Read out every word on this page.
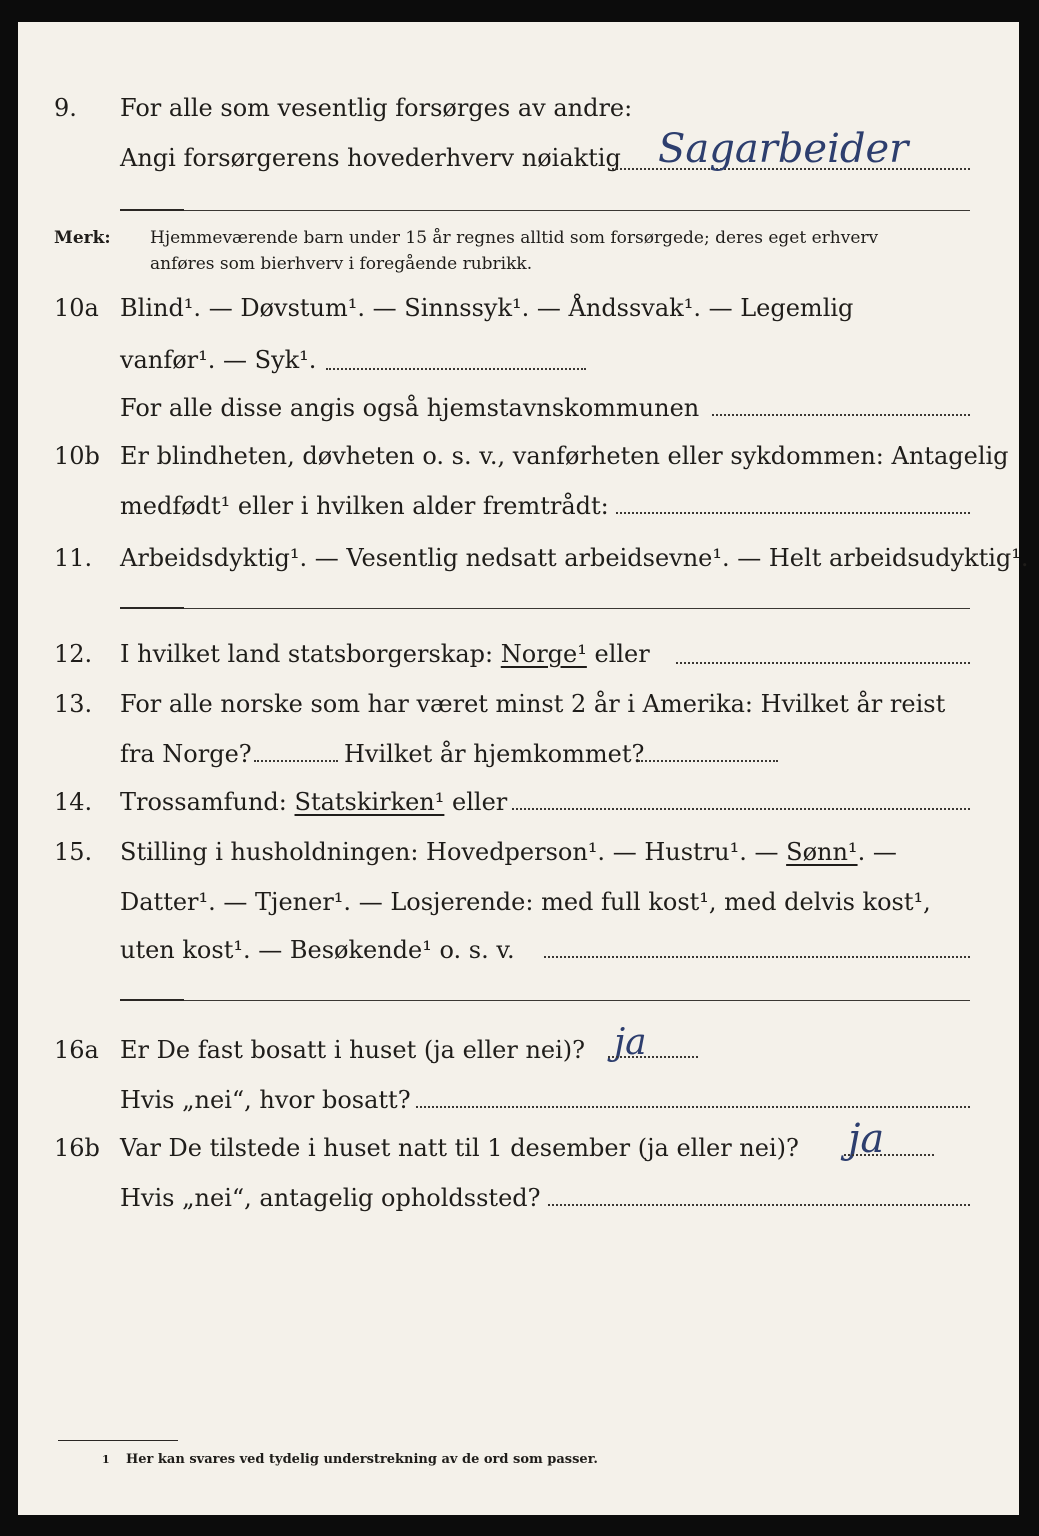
9.	For alle som vesentlig forsørges av andre:
Angi forsørgerens hovederhverv nøiaktig Sagarbeider
Merk:	Hjemmeværende barn under 15 år regnes alltid som forsørgede; deres eget erhverv
anføres som bierhverv i foregående rubrikk.
10a Blind¹. — Døvstum¹. — Sinnssyk¹. — Åndssvak¹. — Legemlig
vanfør¹. — Syk¹.
For alle disse angis også hjemstavnskommunen
10b Er blindheten, døvheten o. s. v., vanførheten eller sykdommen: Antagelig
medfødt¹ eller i hvilken alder fremtrådt:
11.	Arbeidsdyktig¹. — Vesentlig nedsatt arbeidsevne¹. — Helt arbeidsudyktig¹.
12.	I hvilket land statsborgerskap: Norge¹ eller
13.	For alle norske som har været minst 2 år i Amerika: Hvilket år reist
fra Norge?	Hvilket år hjemkommet?
14.	Trossamfund: Statskirken¹ eller
15.	Stilling i husholdningen: Hovedperson¹. — Hustru¹. — Sønn¹. —
Datter¹. — Tjener¹. — Losjerende: med full kost¹, med delvis kost¹,
uten kost¹. — Besøkende¹ o. s. v.
16a Er De fast bosatt i huset (ja eller nei)? ja
Hvis „nei“, hvor bosatt?
16b Var De tilstede i huset natt til 1 desember (ja eller nei)? ja
Hvis „nei“, antagelig opholdssted?
1	Her kan svares ved tydelig understrekning av de ord som passer.
